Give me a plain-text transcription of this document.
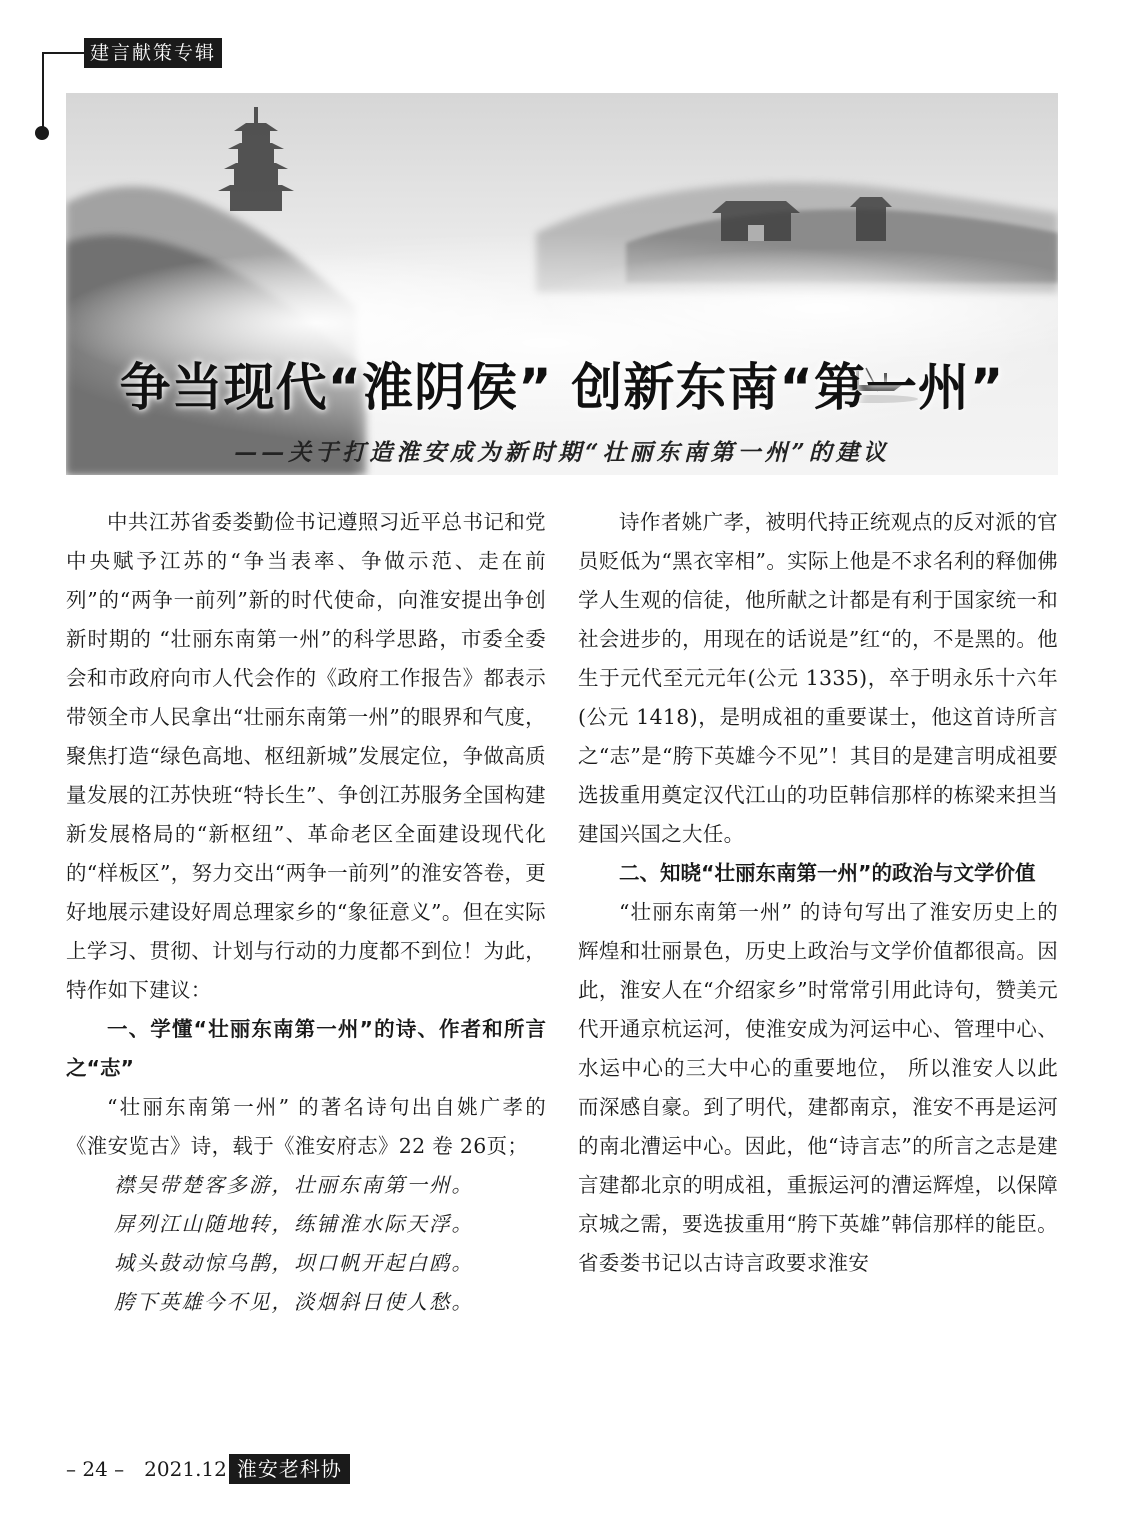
建言献策专辑
争当现代“淮阴侯” 创新东南“第一州”
——关于打造淮安成为新时期“壮丽东南第一州”的建议

中共江苏省委娄勤俭书记遵照习近平总书记和党中央赋予江苏的“争当表率、争做示范、走在前列”的“两争一前列”新的时代使命，向淮安提出争创新时期的 “壮丽东南第一州”的科学思路，市委全委会和市政府向市人代会作的《政府工作报告》都表示带领全市人民拿出“壮丽东南第一州”的眼界和气度，聚焦打造“绿色高地、枢纽新城”发展定位，争做高质量发展的江苏快班“特长生”、争创江苏服务全国构建新发展格局的“新枢纽”、革命老区全面建设现代化的“样板区”，努力交出“两争一前列”的淮安答卷，更好地展示建设好周总理家乡的“象征意义”。但在实际上学习、贯彻、计划与行动的力度都不到位！为此，特作如下建议：

一、学懂“壮丽东南第一州”的诗、作者和所言之“志”

“壮丽东南第一州” 的著名诗句出自姚广孝的《淮安览古》诗，载于《淮安府志》22 卷 26页；

襟吴带楚客多游，壮丽东南第一州。
屏列江山随地转，练铺淮水际天浮。
城头鼓动惊乌鹊，坝口帆开起白鸥。
胯下英雄今不见，淡烟斜日使人愁。

诗作者姚广孝，被明代持正统观点的反对派的官员贬低为“黑衣宰相”。实际上他是不求名利的释伽佛学人生观的信徒，他所献之计都是有利于国家统一和社会进步的，用现在的话说是”红“的，不是黑的。他生于元代至元元年(公元 1335)，卒于明永乐十六年(公元 1418)，是明成祖的重要谋士，他这首诗所言之“志”是“胯下英雄今不见”！其目的是建言明成祖要选拔重用奠定汉代江山的功臣韩信那样的栋梁来担当建国兴国之大任。

二、知晓“壮丽东南第一州”的政治与文学价值

“壮丽东南第一州” 的诗句写出了淮安历史上的辉煌和壮丽景色，历史上政治与文学价值都很高。因此，淮安人在“介绍家乡”时常常引用此诗句，赞美元代开通京杭运河，使淮安成为河运中心、管理中心、水运中心的三大中心的重要地位， 所以淮安人以此而深感自豪。到了明代，建都南京，淮安不再是运河的南北漕运中心。因此，他“诗言志”的所言之志是建言建都北京的明成祖，重振运河的漕运辉煌，以保障京城之需，要选拔重用“胯下英雄”韩信那样的能臣。省委娄书记以古诗言政要求淮安

– 24 – 2021.12 淮安老科协
